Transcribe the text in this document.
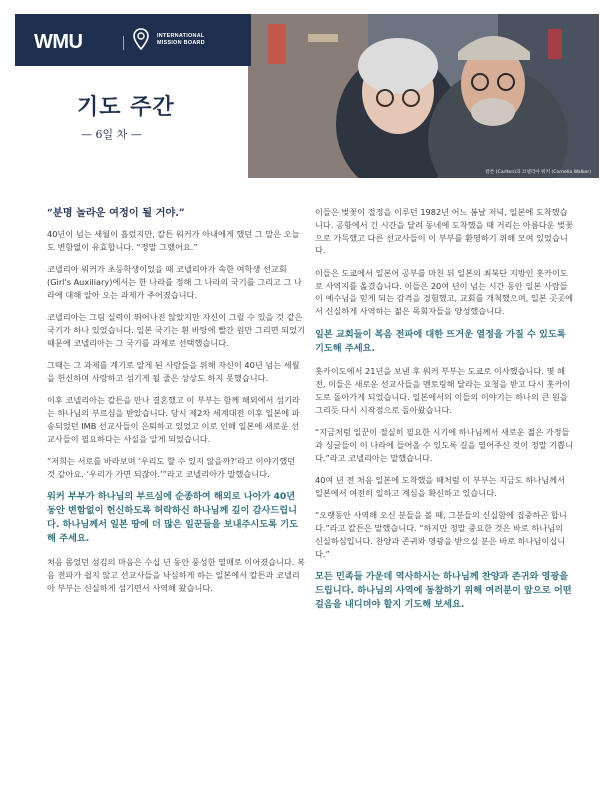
칼튼 (Carlton)과 코넬리아 워커 (Cornelia Walker)
WMU	INTERNATIONAL
MISSION BOARD
기도 주간
— 6일 차 —

“분명 놀라운 여정이 될 거야.”

40년이 넘는 세월이 흘렀지만, 칼튼 워커가 아내에게 했던 그 말은 오늘도 변함없이 유효합니다. “정말 그랬어요.”

코넬리아 워커가 초등학생이었을 때 코넬리아가 속한 여학생 선교회 (Girl's Auxiliary)에서는 한 나라를 정해 그 나라의 국기를 그리고 그 나라에 대해 알아 오는 과제가 주어졌습니다.

코넬리아는 그림 실력이 뛰어나진 않았지만 자신이 그릴 수 있을 것 같은 국기가 하나 있었습니다. 일본 국기는 흰 바탕에 빨간 원만 그리면 되었기 때문에 코넬리아는 그 국기를 과제로 선택했습니다.

그때는 그 과제를 계기로 알게 된 사람들을 위해 자신이 40년 넘는 세월을 헌신하며 사랑하고 섬기게 될 줄은 상상도 하지 못했습니다.

이후 코넬리아는 칼튼을 만나 결혼했고 이 부부는 함께 해외에서 섬기라는 하나님의 부르심을 받았습니다. 당시 제2차 세계대전 이후 일본에 파송되었던 IMB 선교사들이 은퇴하고 있었고 이로 인해 일본에 새로운 선교사들이 필요하다는 사실을 알게 되었습니다.

“저희는 서로를 바라보며 ‘우리도 할 수 있지 않을까?’라고 이야기했던 것 같아요. ‘우리가 가면 되잖아.’”라고 코넬리아가 말했습니다.

워커 부부가 하나님의 부르심에 순종하여 해외로 나아가 40년 동안 변함없이 헌신하도록 허락하신 하나님께 깊이 감사드립니다. 하나님께서 일본 땅에 더 많은 일꾼들을 보내주시도록 기도해 주세요.

처음 몸었던 섬김의 마음은 수십 년 동안 풍성한 열매로 이어졌습니다. 복음 전파가 쉽지 않고 선교사들을 낙심하게 하는 일본에서 칼튼과 코넬리아 부부는 신실하게 섬기면서 사역해 왔습니다.

이들은 벚꽃이 절정을 이루던 1982년 어느 봄날 저녁, 일본에 도착했습니다. 공항에서 긴 시간을 달려 동네에 도착했을 때 거리는 아름다운 벚꽃으로 가득했고 다른 선교사들이 이 부부를 환영하기 위해 모여 있었습니다.

이들은 도쿄에서 일본어 공부를 마친 뒤 일본의 최북단 지방인 홋카이도로 사역지를 옮겼습니다. 이들은 20여 년이 넘는 시간 동안 일본 사람들이 예수님을 믿게 되는 감격을 경험했고, 교회를 개척했으며, 일본 곳곳에서 신실하게 사역하는 젊은 목회자들을 양성했습니다.

일본 교회들이 복음 전파에 대한 뜨거운 열정을 가질 수 있도록 기도해 주세요.

홋카이도에서 21년을 보낸 후 워커 부부는 도쿄로 이사했습니다. 몇 해 전, 이들은 새로운 선교사들을 멘토링해 달라는 요청을 받고 다시 홋카이도로 돌아가게 되었습니다. 일본에서의 이들의 이야기는 하나의 큰 원을 그리듯 다시 시작점으로 돌아왔습니다.

“지금처럼 일꾼이 절실히 필요한 시기에 하나님께서 새로운 젊은 가정들과 싱글들이 이 나라에 들어올 수 있도록 길을 열어주신 것이 정말 기쁩니다.”라고 코넬리아는 말했습니다.

40여 년 전 처음 일본에 도착했을 때처럼 이 부부는 지금도 하나님께서 일본에서 여전히 일하고 계심을 확신하고 있습니다.

“오랫동안 사역해 오신 분들을 볼 때, 그분들의 신실함에 집중하곤 합니다.”라고 칼튼은 말했습니다. “하지만 정말 중요한 것은 바로 하나님의 신실하심입니다. 찬양과 존귀와 영광을 받으실 분은 바로 하나님이십니다.”

모든 민족들 가운데 역사하시는 하나님께 찬양과 존귀와 영광을 드립니다. 하나님의 사역에 동참하기 위해 여러분이 앞으로 어떤 걸음을 내디뎌야 할지 기도해 보세요.
